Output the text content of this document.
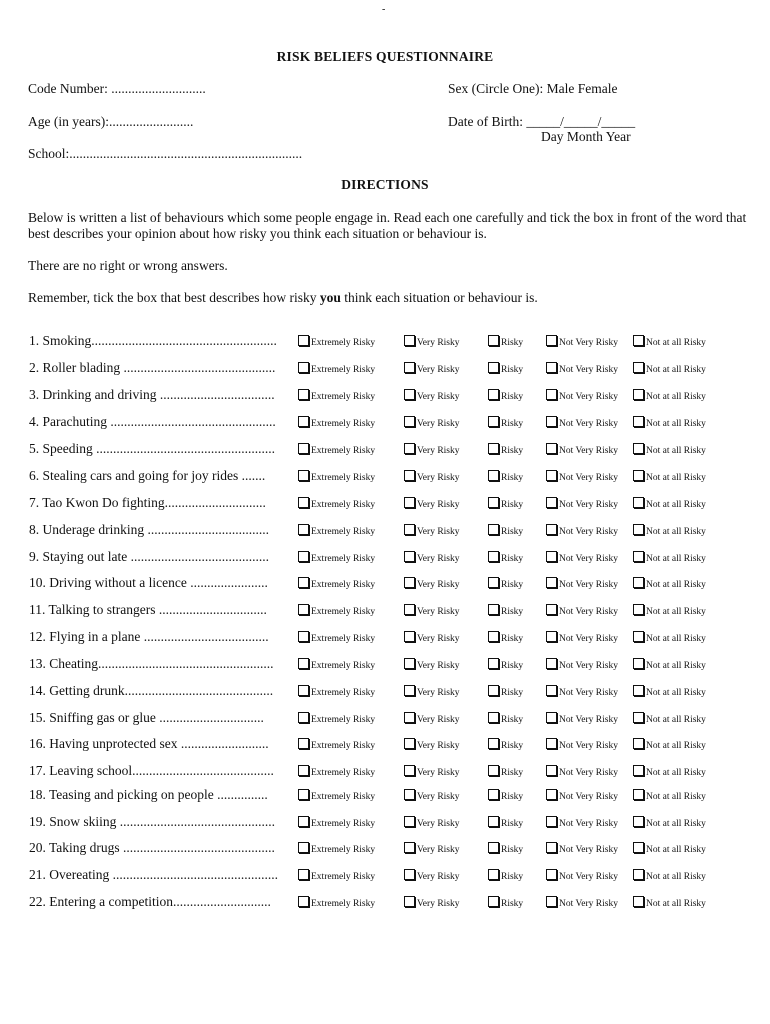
-
RISK BELIEFS QUESTIONNAIRE
Code Number: ............................	Sex (Circle One): Male Female
Age (in years):.........................	Date of Birth: _____/_____/_____
Day Month Year
School:.....................................................................
DIRECTIONS
Below is written a list of behaviours which some people engage in. Read each one carefully and tick the box in front of the word that best describes your opinion about how risky you think each situation or behaviour is.
There are no right or wrong answers.
Remember, tick the box that best describes how risky you think each situation or behaviour is.
1. Smoking.......................................................	Extremely Risky	Very Risky	Risky	Not Very Risky	Not at all Risky
2. Roller blading .............................................	Extremely Risky	Very Risky	Risky	Not Very Risky	Not at all Risky
3. Drinking and driving ..................................	Extremely Risky	Very Risky	Risky	Not Very Risky	Not at all Risky
4. Parachuting .................................................	Extremely Risky	Very Risky	Risky	Not Very Risky	Not at all Risky
5. Speeding .....................................................	Extremely Risky	Very Risky	Risky	Not Very Risky	Not at all Risky
6. Stealing cars and going for joy rides .......	Extremely Risky	Very Risky	Risky	Not Very Risky	Not at all Risky
7. Tao Kwon Do fighting..............................	Extremely Risky	Very Risky	Risky	Not Very Risky	Not at all Risky
8. Underage drinking ....................................	Extremely Risky	Very Risky	Risky	Not Very Risky	Not at all Risky
9. Staying out late .........................................	Extremely Risky	Very Risky	Risky	Not Very Risky	Not at all Risky
10. Driving without a licence .......................	Extremely Risky	Very Risky	Risky	Not Very Risky	Not at all Risky
11. Talking to strangers ................................	Extremely Risky	Very Risky	Risky	Not Very Risky	Not at all Risky
12. Flying in a plane .....................................	Extremely Risky	Very Risky	Risky	Not Very Risky	Not at all Risky
13. Cheating....................................................	Extremely Risky	Very Risky	Risky	Not Very Risky	Not at all Risky
14. Getting drunk............................................	Extremely Risky	Very Risky	Risky	Not Very Risky	Not at all Risky
15. Sniffing gas or glue ...............................	Extremely Risky	Very Risky	Risky	Not Very Risky	Not at all Risky
16. Having unprotected sex ..........................	Extremely Risky	Very Risky	Risky	Not Very Risky	Not at all Risky
17. Leaving school..........................................	Extremely Risky	Very Risky	Risky	Not Very Risky	Not at all Risky
18. Teasing and picking on people ...............	Extremely Risky	Very Risky	Risky	Not Very Risky	Not at all Risky
19. Snow skiing ..............................................	Extremely Risky	Very Risky	Risky	Not Very Risky	Not at all Risky
20. Taking drugs .............................................	Extremely Risky	Very Risky	Risky	Not Very Risky	Not at all Risky
21. Overeating .................................................	Extremely Risky	Very Risky	Risky	Not Very Risky	Not at all Risky
22. Entering a competition.............................	Extremely Risky	Very Risky	Risky	Not Very Risky	Not at all Risky
